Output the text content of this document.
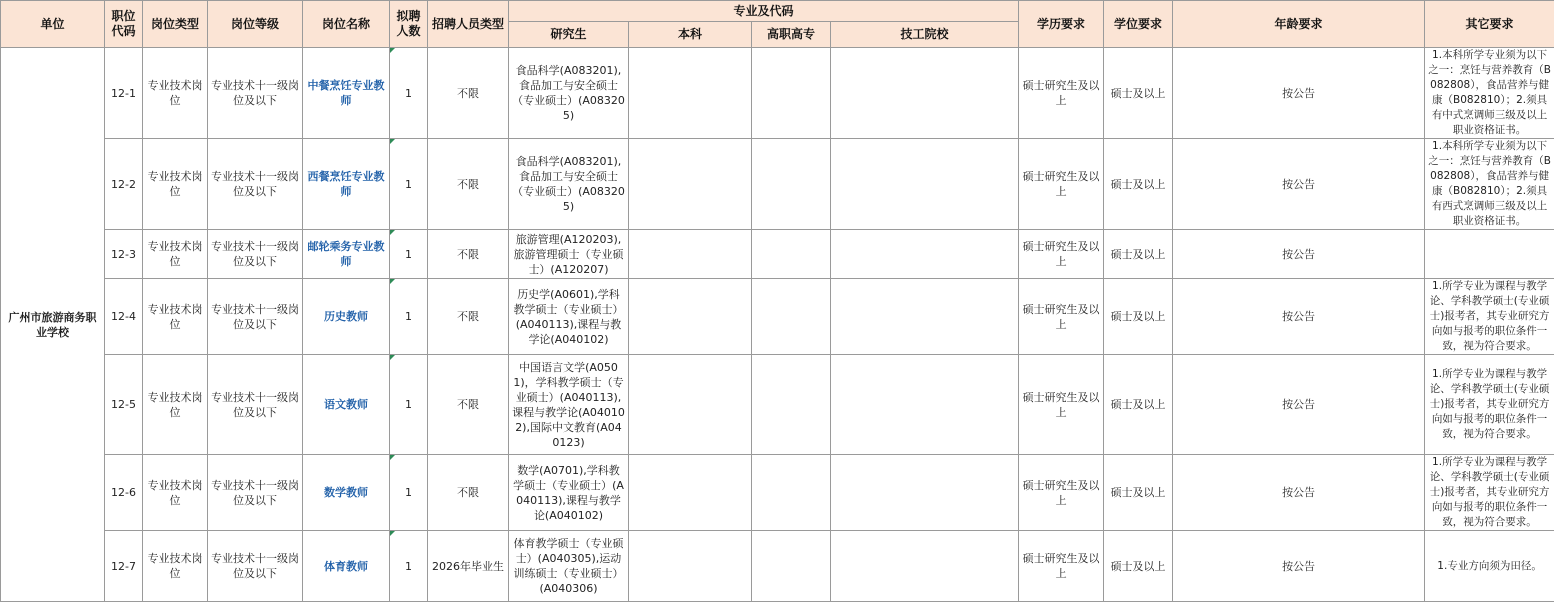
单位	职位代码	岗位类型	岗位等级	岗位名称	拟聘人数	招聘人员类型	专业及代码				学历要求	学位要求	年龄要求	其它要求	
							研究生	本科	高职高专	技工院校					
广州市旅游商务职业学校	12-1	专业技术岗位	专业技术十一级岗位及以下	中餐烹饪专业教师	1	不限	食品科学(A083201),食品加工与安全硕士（专业硕士）(A083205)				硕士研究生及以上	硕士及以上	按公告	1.本科所学专业须为以下之一：烹饪与营养教育（B082808），食品营养与健康（B082810）；2.须具有中式烹调师三级及以上职业资格证书。	
	12-2	专业技术岗位	专业技术十一级岗位及以下	西餐烹饪专业教师	1	不限	食品科学(A083201),食品加工与安全硕士（专业硕士）(A083205)				硕士研究生及以上	硕士及以上	按公告	1.本科所学专业须为以下之一：烹饪与营养教育（B082808），食品营养与健康（B082810）；2.须具有西式烹调师三级及以上职业资格证书。	
	12-3	专业技术岗位	专业技术十一级岗位及以下	邮轮乘务专业教师	1	不限	旅游管理(A120203),旅游管理硕士（专业硕士）(A120207)				硕士研究生及以上	硕士及以上	按公告		
	12-4	专业技术岗位	专业技术十一级岗位及以下	历史教师	1	不限	历史学(A0601),学科教学硕士（专业硕士）(A040113),课程与教学论(A040102)				硕士研究生及以上	硕士及以上	按公告	1.所学专业为课程与教学论、学科教学硕士(专业硕士)报考者，其专业研究方向如与报考的职位条件一致，视为符合要求。	
	12-5	专业技术岗位	专业技术十一级岗位及以下	语文教师	1	不限	中国语言文学(A0501)，学科教学硕士（专业硕士）(A040113),课程与教学论(A040102),国际中文教育(A040123)				硕士研究生及以上	硕士及以上	按公告	1.所学专业为课程与教学论、学科教学硕士(专业硕士)报考者，其专业研究方向如与报考的职位条件一致，视为符合要求。	
	12-6	专业技术岗位	专业技术十一级岗位及以下	数学教师	1	不限	数学(A0701),学科教学硕士（专业硕士）(A040113),课程与教学论(A040102)				硕士研究生及以上	硕士及以上	按公告	1.所学专业为课程与教学论、学科教学硕士(专业硕士)报考者，其专业研究方向如与报考的职位条件一致，视为符合要求。	
	12-7	专业技术岗位	专业技术十一级岗位及以下	体育教师	1	2026年毕业生	体育教学硕士（专业硕士）(A040305),运动训练硕士（专业硕士）(A040306)				硕士研究生及以上	硕士及以上	按公告	1.专业方向须为田径。	
